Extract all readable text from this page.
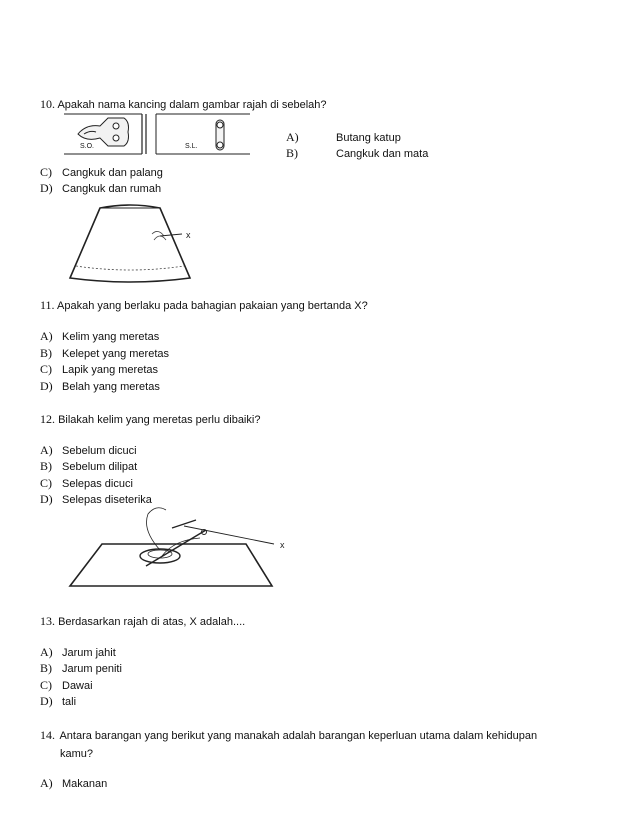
10. Apakah nama kancing dalam gambar rajah di sebelah?
S.O.	S.L.
A)	Butang katup
B)	Cangkuk dan mata
C) Cangkuk dan palang
D) Cangkuk dan rumah
x
11. Apakah yang berlaku pada bahagian pakaian yang bertanda X?
A) Kelim yang meretas
B) Kelepet yang meretas
C) Lapik yang meretas
D) Belah yang meretas
12. Bilakah kelim yang meretas perlu dibaiki?
A) Sebelum dicuci
B) Sebelum dilipat
C) Selepas dicuci
D) Selepas diseterika
x
13. Berdasarkan rajah di atas, X adalah....
A) Jarum jahit
B) Jarum peniti
C) Dawai
D) tali
14. Antara barangan yang berikut yang manakah adalah barangan keperluan utama dalam kehidupan
kamu?
A) Makanan
